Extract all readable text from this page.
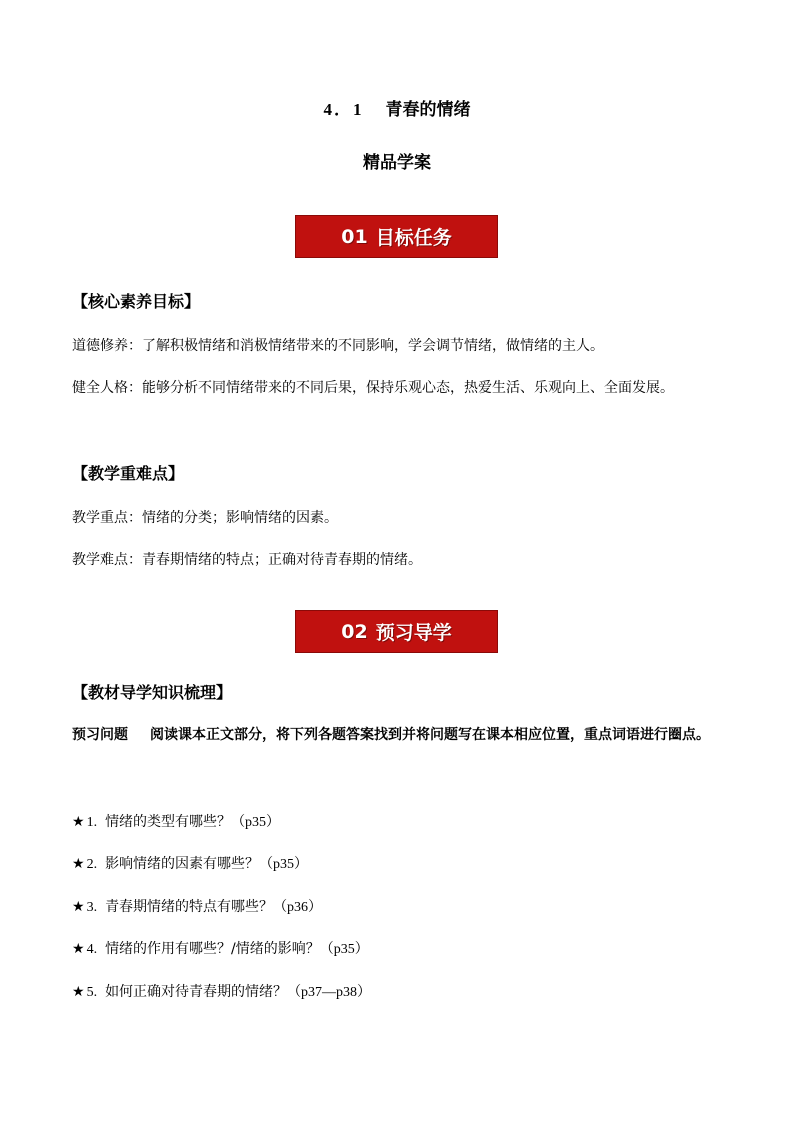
4．1 青春的情绪
精品学案
01 目标任务
【核心素养目标】
道德修养：了解积极情绪和消极情绪带来的不同影响，学会调节情绪，做情绪的主人。
健全人格：能够分析不同情绪带来的不同后果，保持乐观心态，热爱生活、乐观向上、全面发展。
【教学重难点】
教学重点：情绪的分类；影响情绪的因素。
教学难点：青春期情绪的特点；正确对待青春期的情绪。
02 预习导学
【教材导学知识梳理】
预习问题 阅读课本正文部分，将下列各题答案找到并将问题写在课本相应位置，重点词语进行圈点。
★ 1. 情绪的类型有哪些？（p35）
★ 2. 影响情绪的因素有哪些？（p35）
★ 3. 青春期情绪的特点有哪些？（p36）
★ 4. 情绪的作用有哪些？/情绪的影响？（p35）
★ 5. 如何正确对待青春期的情绪？（p37—p38）
